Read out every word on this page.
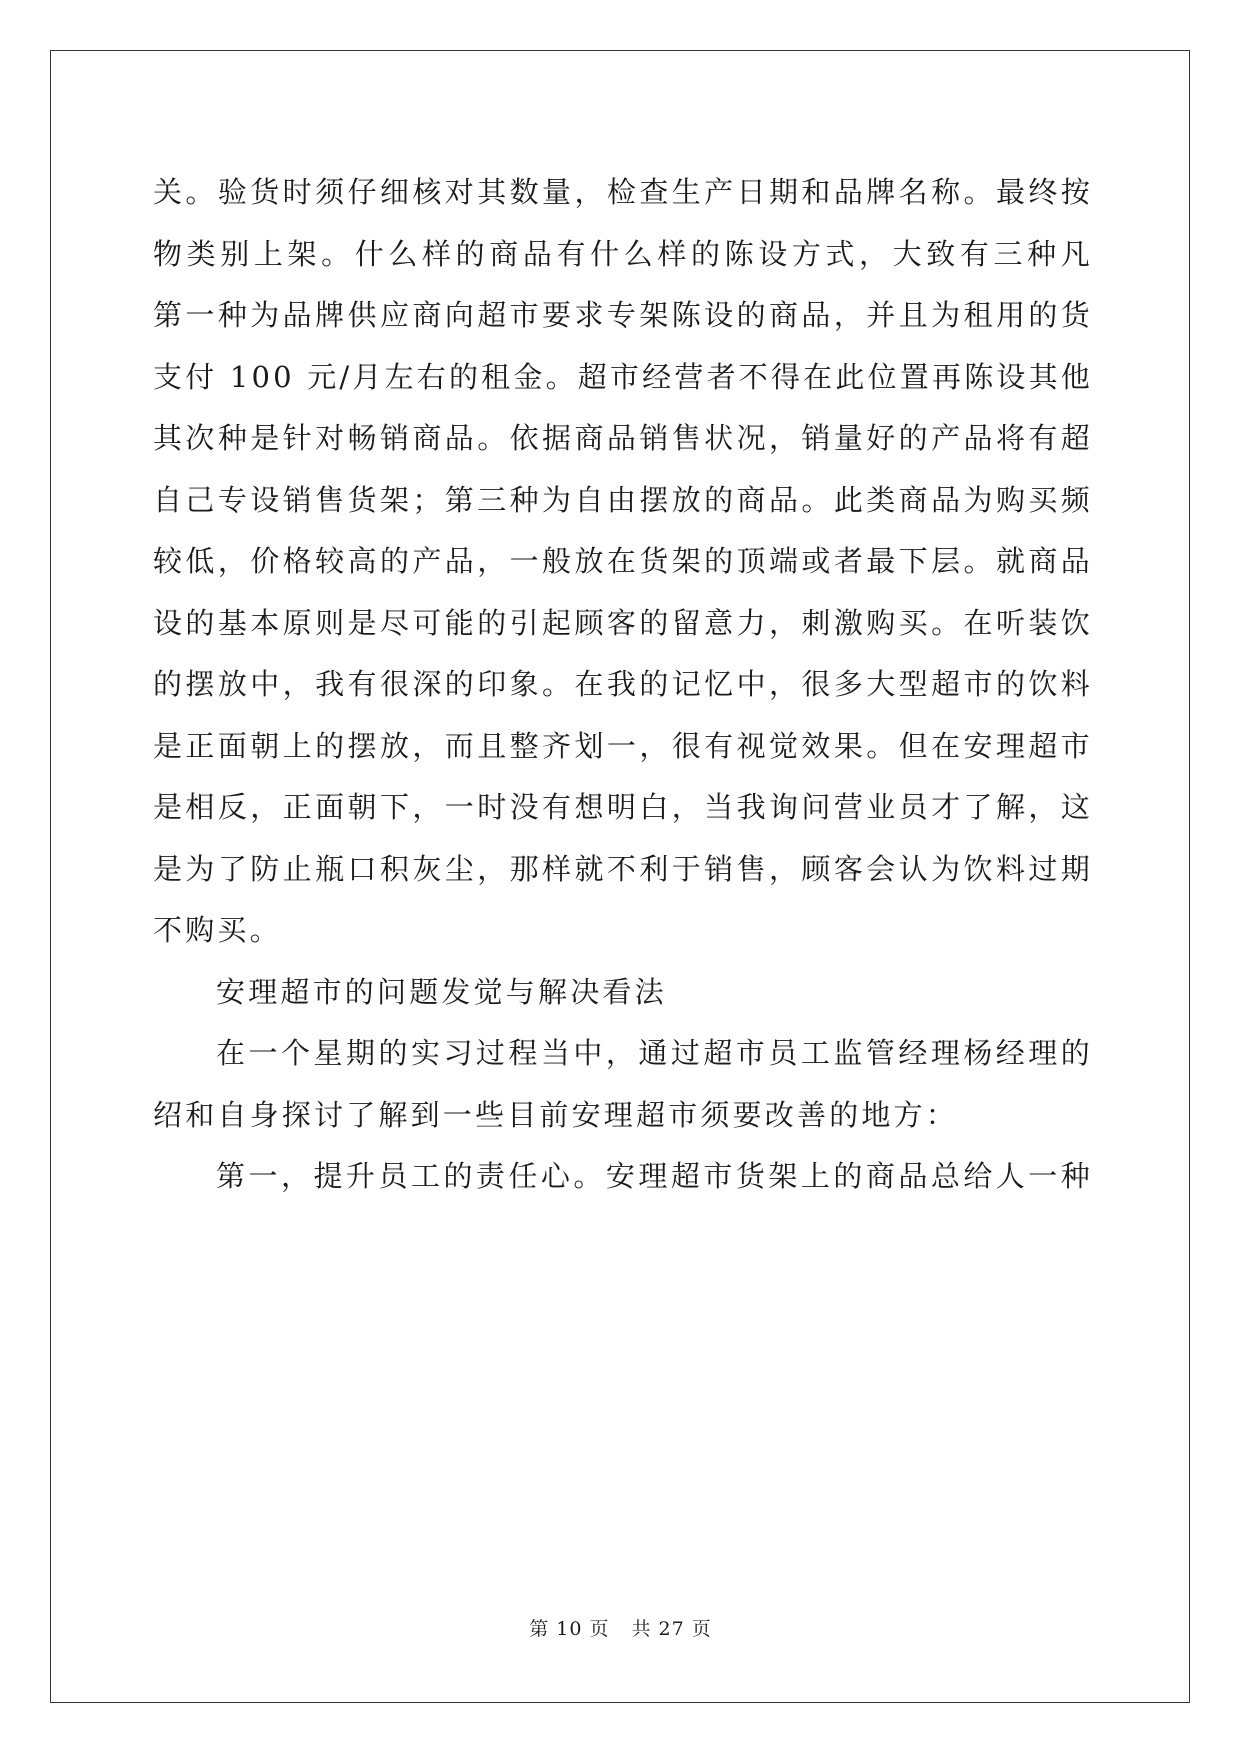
关。验货时须仔细核对其数量，检查生产日期和品牌名称。最终按
物类别上架。什么样的商品有什么样的陈设方式，大致有三种凡
第一种为品牌供应商向超市要求专架陈设的商品，并且为租用的货
支付 100 元/月左右的租金。超市经营者不得在此位置再陈设其他
其次种是针对畅销商品。依据商品销售状况，销量好的产品将有超
自己专设销售货架；第三种为自由摆放的商品。此类商品为购买频
较低，价格较高的产品，一般放在货架的顶端或者最下层。就商品
设的基本原则是尽可能的引起顾客的留意力，刺激购买。在听装饮
的摆放中，我有很深的印象。在我的记忆中，很多大型超市的饮料
是正面朝上的摆放，而且整齐划一，很有视觉效果。但在安理超市
是相反，正面朝下，一时没有想明白，当我询问营业员才了解，这
是为了防止瓶口积灰尘，那样就不利于销售，顾客会认为饮料过期
不购买。
安理超市的问题发觉与解决看法
在一个星期的实习过程当中，通过超市员工监管经理杨经理的
绍和自身探讨了解到一些目前安理超市须要改善的地方：
第一，提升员工的责任心。安理超市货架上的商品总给人一种
第 10 页 共 27 页
